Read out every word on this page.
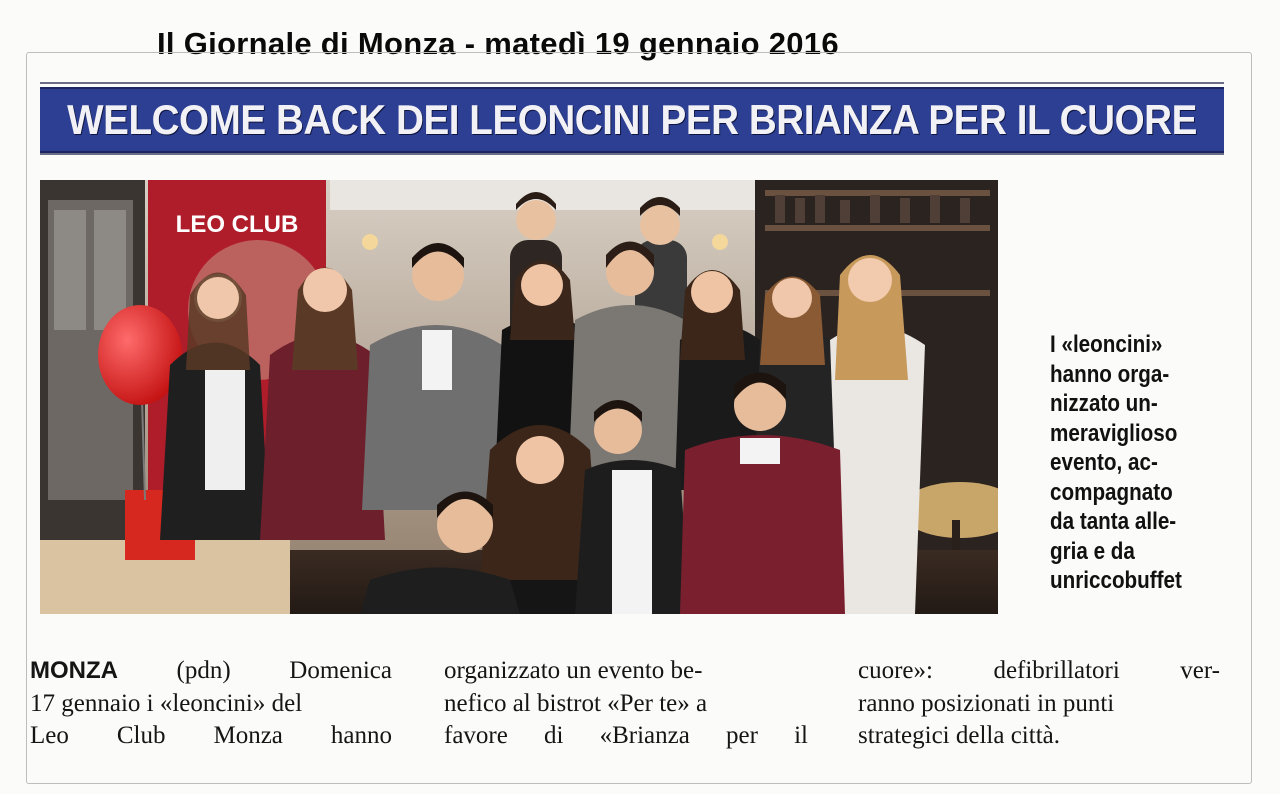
Il Giornale di Monza - matedì 19 gennaio 2016
WELCOME BACK DEI LEONCINI PER BRIANZA PER IL CUORE
LEO CLUB
I «leoncini»
hanno orga-
nizzato un-
meraviglioso
evento, ac-
compagnato
da tanta alle-
gria e da
unriccobuffet
MONZA (pdn) Domenica
17 gennaio i «leoncini» del
Leo Club Monza hanno
organizzato un evento be-
nefico al bistrot «Per te» a
favore di «Brianza per il
cuore»: defibrillatori ver-
ranno posizionati in punti
strategici della città.
